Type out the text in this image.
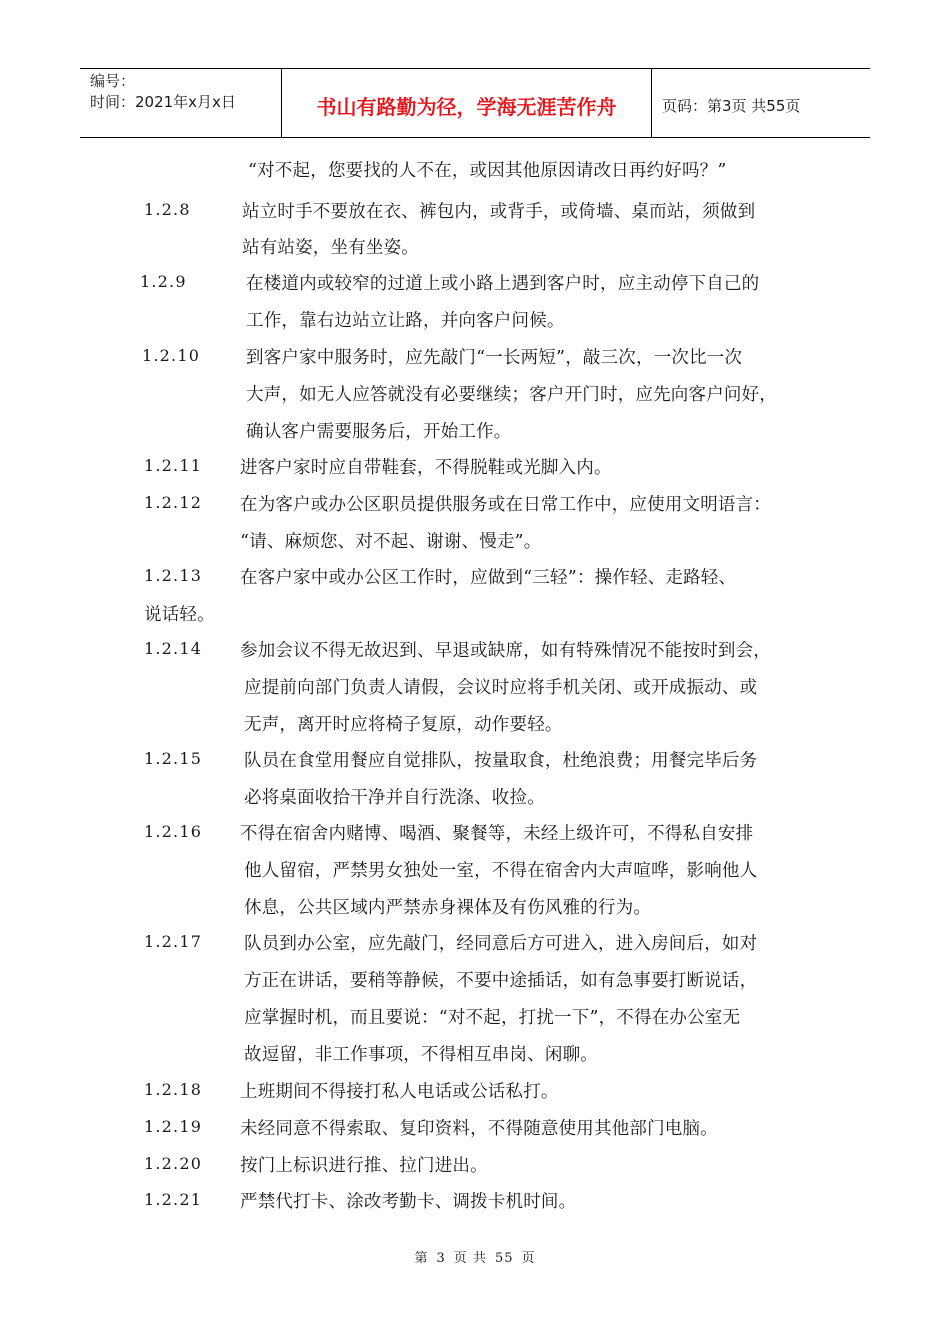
编号：
时间：2021年x月x日	书山有路勤为径，学海无涯苦作舟	页码：第3页 共55页
“对不起，您要找的人不在，或因其他原因请改日再约好吗？”
1.2.8	站立时手不要放在衣、裤包内，或背手，或倚墙、桌而站，须做到
站有站姿，坐有坐姿。
1.2.9	在楼道内或较窄的过道上或小路上遇到客户时，应主动停下自己的
工作，靠右边站立让路，并向客户问候。
1.2.10	到客户家中服务时，应先敲门“一长两短”，敲三次，一次比一次
大声，如无人应答就没有必要继续；客户开门时，应先向客户问好，
确认客户需要服务后，开始工作。
1.2.11 进客户家时应自带鞋套，不得脱鞋或光脚入内。
1.2.12 在为客户或办公区职员提供服务或在日常工作中，应使用文明语言：
“请、麻烦您、对不起、谢谢、慢走”。
1.2.13 在客户家中或办公区工作时，应做到“三轻”：操作轻、走路轻、
说话轻。
1.2.14 参加会议不得无故迟到、早退或缺席，如有特殊情况不能按时到会，
应提前向部门负责人请假，会议时应将手机关闭、或开成振动、或
无声，离开时应将椅子复原，动作要轻。
1.2.15 队员在食堂用餐应自觉排队，按量取食，杜绝浪费；用餐完毕后务
必将桌面收拾干净并自行洗涤、收捡。
1.2.16 不得在宿舍内赌博、喝酒、聚餐等，未经上级许可，不得私自安排
他人留宿，严禁男女独处一室，不得在宿舍内大声喧哗，影响他人
休息，公共区域内严禁赤身裸体及有伤风雅的行为。
1.2.17 队员到办公室，应先敲门，经同意后方可进入，进入房间后，如对
方正在讲话，要稍等静候，不要中途插话，如有急事要打断说话，
应掌握时机，而且要说：“对不起，打扰一下”，不得在办公室无
故逗留，非工作事项，不得相互串岗、闲聊。
1.2.18 上班期间不得接打私人电话或公话私打。
1.2.19 未经同意不得索取、复印资料，不得随意使用其他部门电脑。
1.2.20 按门上标识进行推、拉门进出。
1.2.21 严禁代打卡、涂改考勤卡、调拨卡机时间。
第 3 页 共 55 页
